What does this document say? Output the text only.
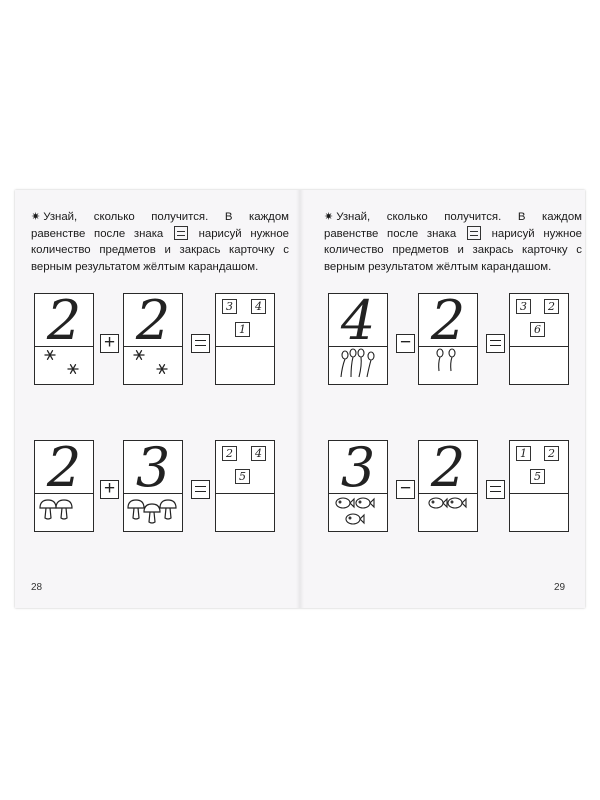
✷ Узнай, сколько получится. В каждом равенстве после знака	нарисуй нужное количество предметов и закрась карточку с верным результатом жёлтым карандашом.
2	+ 2	3	4
1
2	+ 3	2	4
5
28
✷ Узнай, сколько получится. В каждом равенстве после знака	нарисуй нужное количество предметов и закрась карточку с верным результатом жёлтым карандашом.
4	− 2	3	2
6
3	− 2	1	2
5
29
